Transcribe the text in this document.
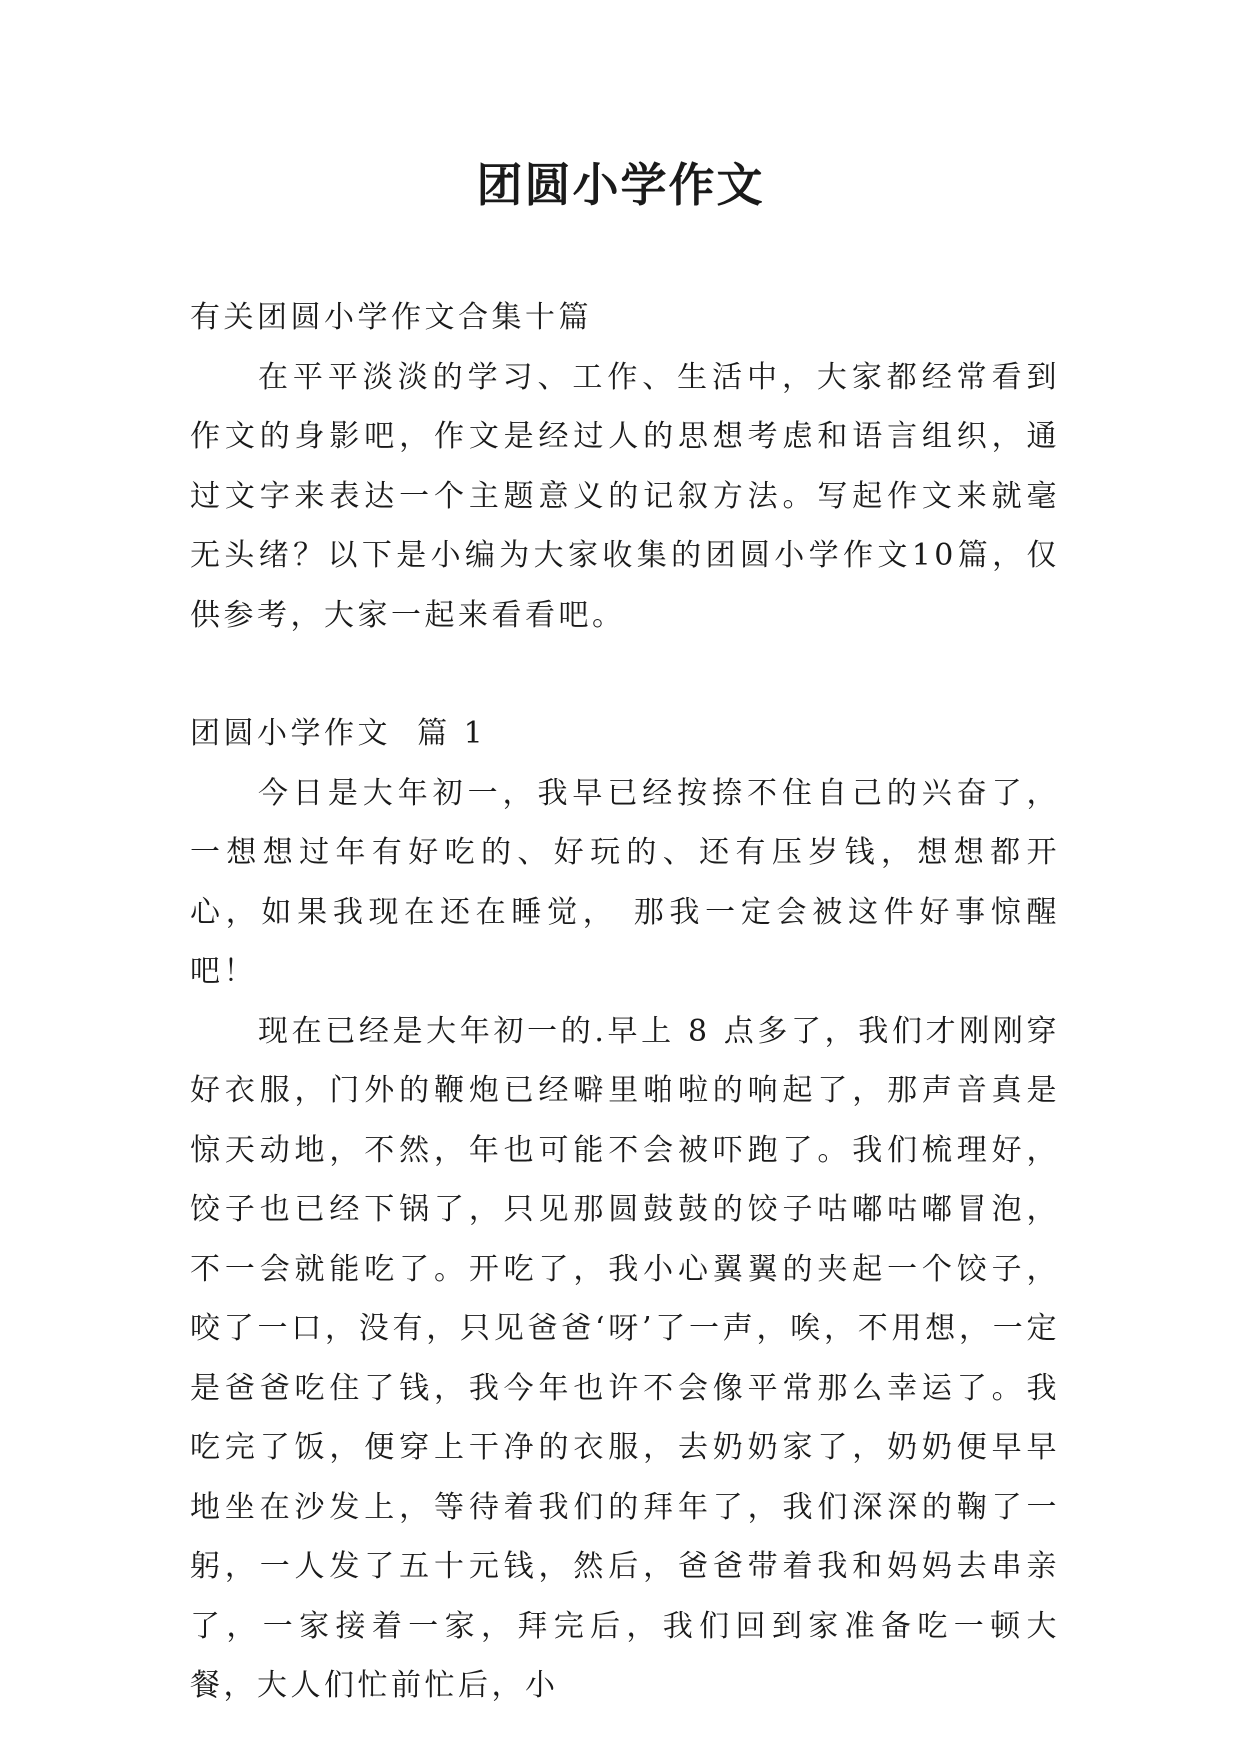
团圆小学作文

有关团圆小学作文合集十篇

在平平淡淡的学习、工作、生活中，大家都经常看到作文的身影吧，作文是经过人的思想考虑和语言组织，通过文字来表达一个主题意义的记叙方法。写起作文来就毫无头绪？以下是小编为大家收集的团圆小学作文10篇，仅供参考，大家一起来看看吧。

团圆小学作文  篇 1

今日是大年初一，我早已经按捺不住自己的兴奋了，一想想过年有好吃的、好玩的、还有压岁钱，想想都开心，如果我现在还在睡觉， 那我一定会被这件好事惊醒吧！

现在已经是大年初一的.早上 8 点多了，我们才刚刚穿好衣服，门外的鞭炮已经噼里啪啦的响起了，那声音真是惊天动地，不然，年也可能不会被吓跑了。我们梳理好，饺子也已经下锅了，只见那圆鼓鼓的饺子咕嘟咕嘟冒泡，不一会就能吃了。开吃了，我小心翼翼的夹起一个饺子，咬了一口，没有，只见爸爸‘呀’了一声，唉，不用想，一定是爸爸吃住了钱，我今年也许不会像平常那么幸运了。我吃完了饭，便穿上干净的衣服，去奶奶家了，奶奶便早早地坐在沙发上，等待着我们的拜年了，我们深深的鞠了一躬，一人发了五十元钱，然后，爸爸带着我和妈妈去串亲了，一家接着一家，拜完后，我们回到家准备吃一顿大餐，大人们忙前忙后，小
